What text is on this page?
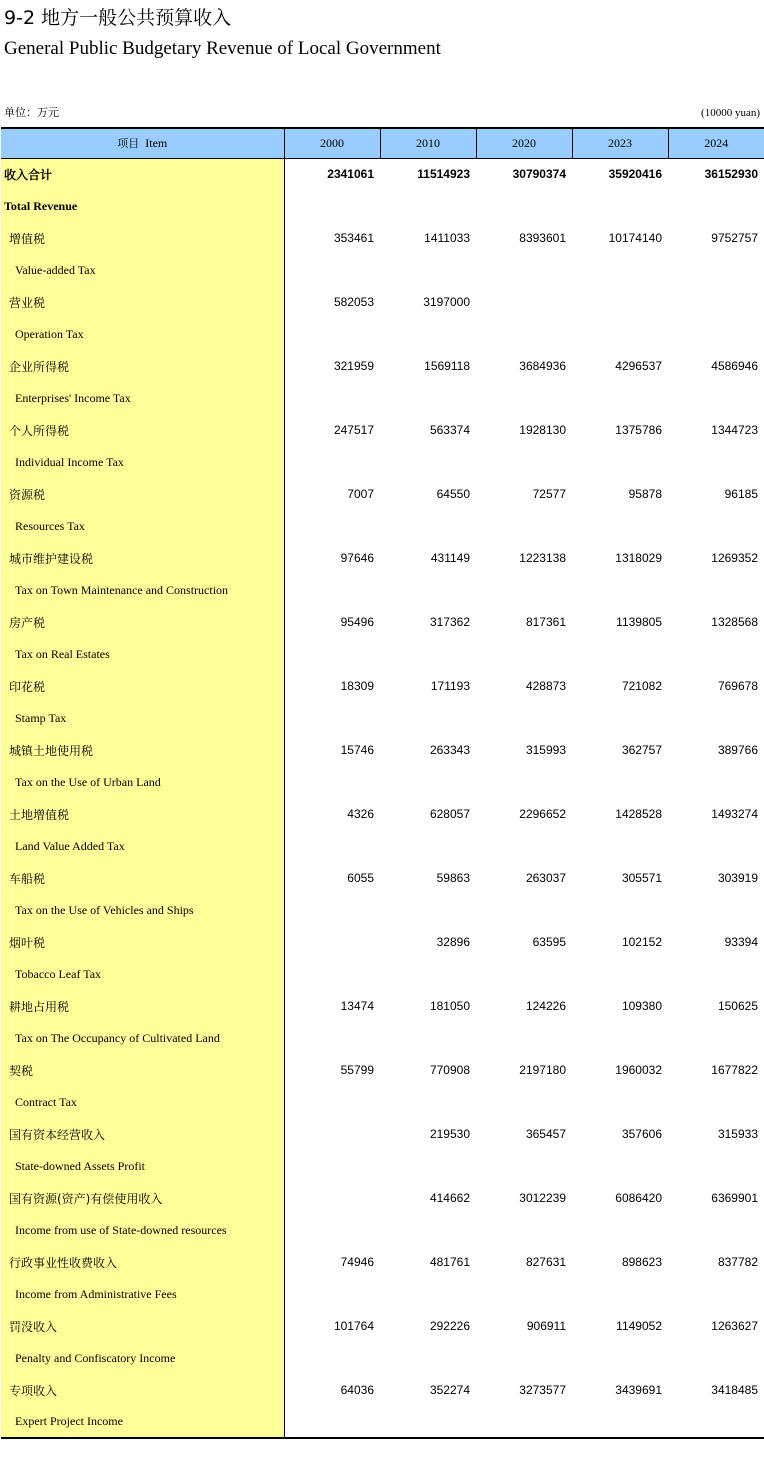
9-2 地方一般公共预算收入
General Public Budgetary Revenue of Local Government
单位：万元	(10000 yuan)
项目 Item	2000	2010	2020	2023	2024
收入合计	2341061	11514923	30790374	35920416	36152930
Total Revenue					
增值税	353461	1411033	8393601	10174140	9752757
Value-added Tax					
营业税	582053	3197000			
Operation Tax					
企业所得税	321959	1569118	3684936	4296537	4586946
Enterprises' Income Tax					
个人所得税	247517	563374	1928130	1375786	1344723
Individual Income Tax					
资源税	7007	64550	72577	95878	96185
Resources Tax					
城市维护建设税	97646	431149	1223138	1318029	1269352
Tax on Town Maintenance and Construction					
房产税	95496	317362	817361	1139805	1328568
Tax on Real Estates					
印花税	18309	171193	428873	721082	769678
Stamp Tax					
城镇土地使用税	15746	263343	315993	362757	389766
Tax on the Use of Urban Land					
土地增值税	4326	628057	2296652	1428528	1493274
Land Value Added Tax					
车船税	6055	59863	263037	305571	303919
Tax on the Use of Vehicles and Ships					
烟叶税		32896	63595	102152	93394
Tobacco Leaf Tax					
耕地占用税	13474	181050	124226	109380	150625
Tax on The Occupancy of Cultivated Land					
契税	55799	770908	2197180	1960032	1677822
Contract Tax					
国有资本经营收入		219530	365457	357606	315933
State-downed Assets Profit					
国有资源(资产)有偿使用收入		414662	3012239	6086420	6369901
Income from use of State-downed resources					
行政事业性收费收入	74946	481761	827631	898623	837782
Income from Administrative Fees					
罚没收入	101764	292226	906911	1149052	1263627
Penalty and Confiscatory Income					
专项收入	64036	352274	3273577	3439691	3418485
Expert Project Income					
